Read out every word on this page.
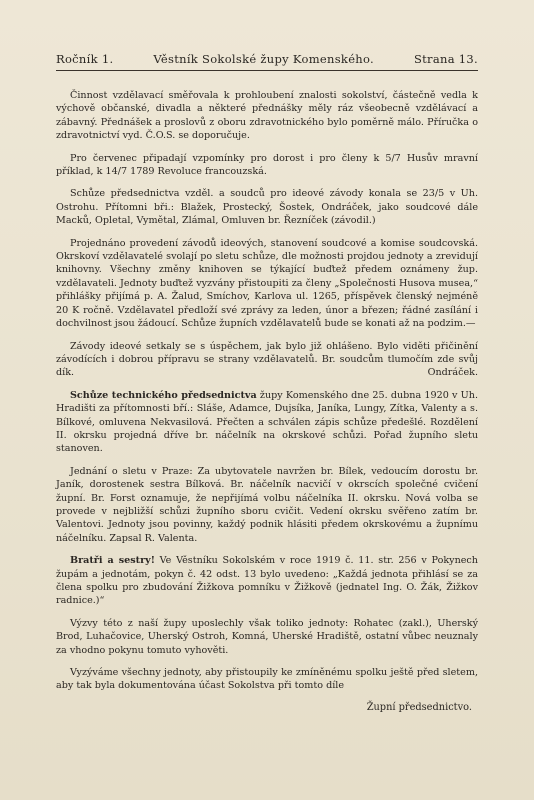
Ročník 1.	Věstník Sokolské župy Komenského.	Strana 13.

Činnost vzdělavací směřovala k prohloubení znalosti sokolství, částečně vedla k výchově občanské, divadla a některé přednášky měly ráz všeobecně vzdělávací a zábavný. Přednášek a proslovů z oboru zdravotnického bylo poměrně málo. Příručka o zdravotnictví vyd. Č.O.S. se doporučuje.

Pro červenec připadají vzpomínky pro dorost i pro členy k 5/7 Husův mravní příklad, k 14/7 1789 Revoluce francouzská.

Schůze předsednictva vzděl. a soudců pro ideové závody konala se 23/5 v Uh. Ostrohu. Přítomni bři.: Blažek, Prostecký, Šostek, Ondráček, jako soudcové dále Macků, Opletal, Vymětal, Zlámal, Omluven br. Řezníček (závodil.)

Projednáno provedení závodů ideových, stanovení soudcové a komise soudcovská. Okrskoví vzdělavatelé svolají po sletu schůze, dle možnosti projdou jednoty a zrevidují knihovny. Všechny změny knihoven se týkající buďtež předem oznámeny žup. vzdělavateli. Jednoty buďtež vyzvány přistoupiti za členy „Společnosti Husova musea,“ přihlášky přijímá p. A. Žalud, Smíchov, Karlova ul. 1265, příspěvek členský nejméně 20 K ročně. Vzdělavatel předloží své zprávy za leden, únor a březen; řádné zasílání i dochvilnost jsou žádoucí. Schůze župních vzdělavatelů bude se konati až na podzim.—

Závody ideové setkaly se s úspěchem, jak bylo již ohlášeno. Bylo viděti přičinění závodících i dobrou přípravu se strany vzdělavatelů. Br. soudcům tlumočím zde svůj dík.	Ondráček.

Schůze technického předsednictva župy Komenského dne 25. dubna 1920 v Uh. Hradišti za přítomnosti bří.: Sláše, Adamce, Dujsíka, Janíka, Lungy, Zítka, Valenty a s. Bílkové, omluvena Nekvasilová. Přečten a schválen zápis schůze předešlé. Rozdělení II. okrsku projedná dříve br. náčelník na okrskové schůzi. Pořad župního sletu stanoven.

Jednání o sletu v Praze: Za ubytovatele navržen br. Bílek, vedoucím dorostu br. Janík, dorostenek sestra Bílková. Br. náčelník nacvičí v okrscích společné cvičení župní. Br. Forst oznamuje, že nepřijímá volbu náčelníka II. okrsku. Nová volba se provede v nejbližší schůzi župního sboru cvičit. Vedení okrsku svěřeno zatím br. Valentovi. Jednoty jsou povinny, každý podnik hlásiti předem okrskovému a župnímu náčelníku. Zapsal R. Valenta.

Bratři a sestry! Ve Věstníku Sokolském v roce 1919 č. 11. str. 256 v Pokynech župám a jednotám, pokyn č. 42 odst. 13 bylo uvedeno: „Každá jednota přihlásí se za člena spolku pro zbudování Žižkova pomníku v Žižkově (jednatel Ing. O. Žák, Žižkov radnice.)“

Výzvy této z naší župy uposlechly však toliko jednoty: Rohatec (zakl.), Uherský Brod, Luhačovice, Uherský Ostroh, Komná, Uherské Hradiště, ostatní vůbec neuznaly za vhodno pokynu tomuto vyhověti.

Vyzýváme všechny jednoty, aby přistoupily ke zmíněnému spolku ještě před sletem, aby tak byla dokumentována účast Sokolstva při tomto díle

Župní předsednictvo.
